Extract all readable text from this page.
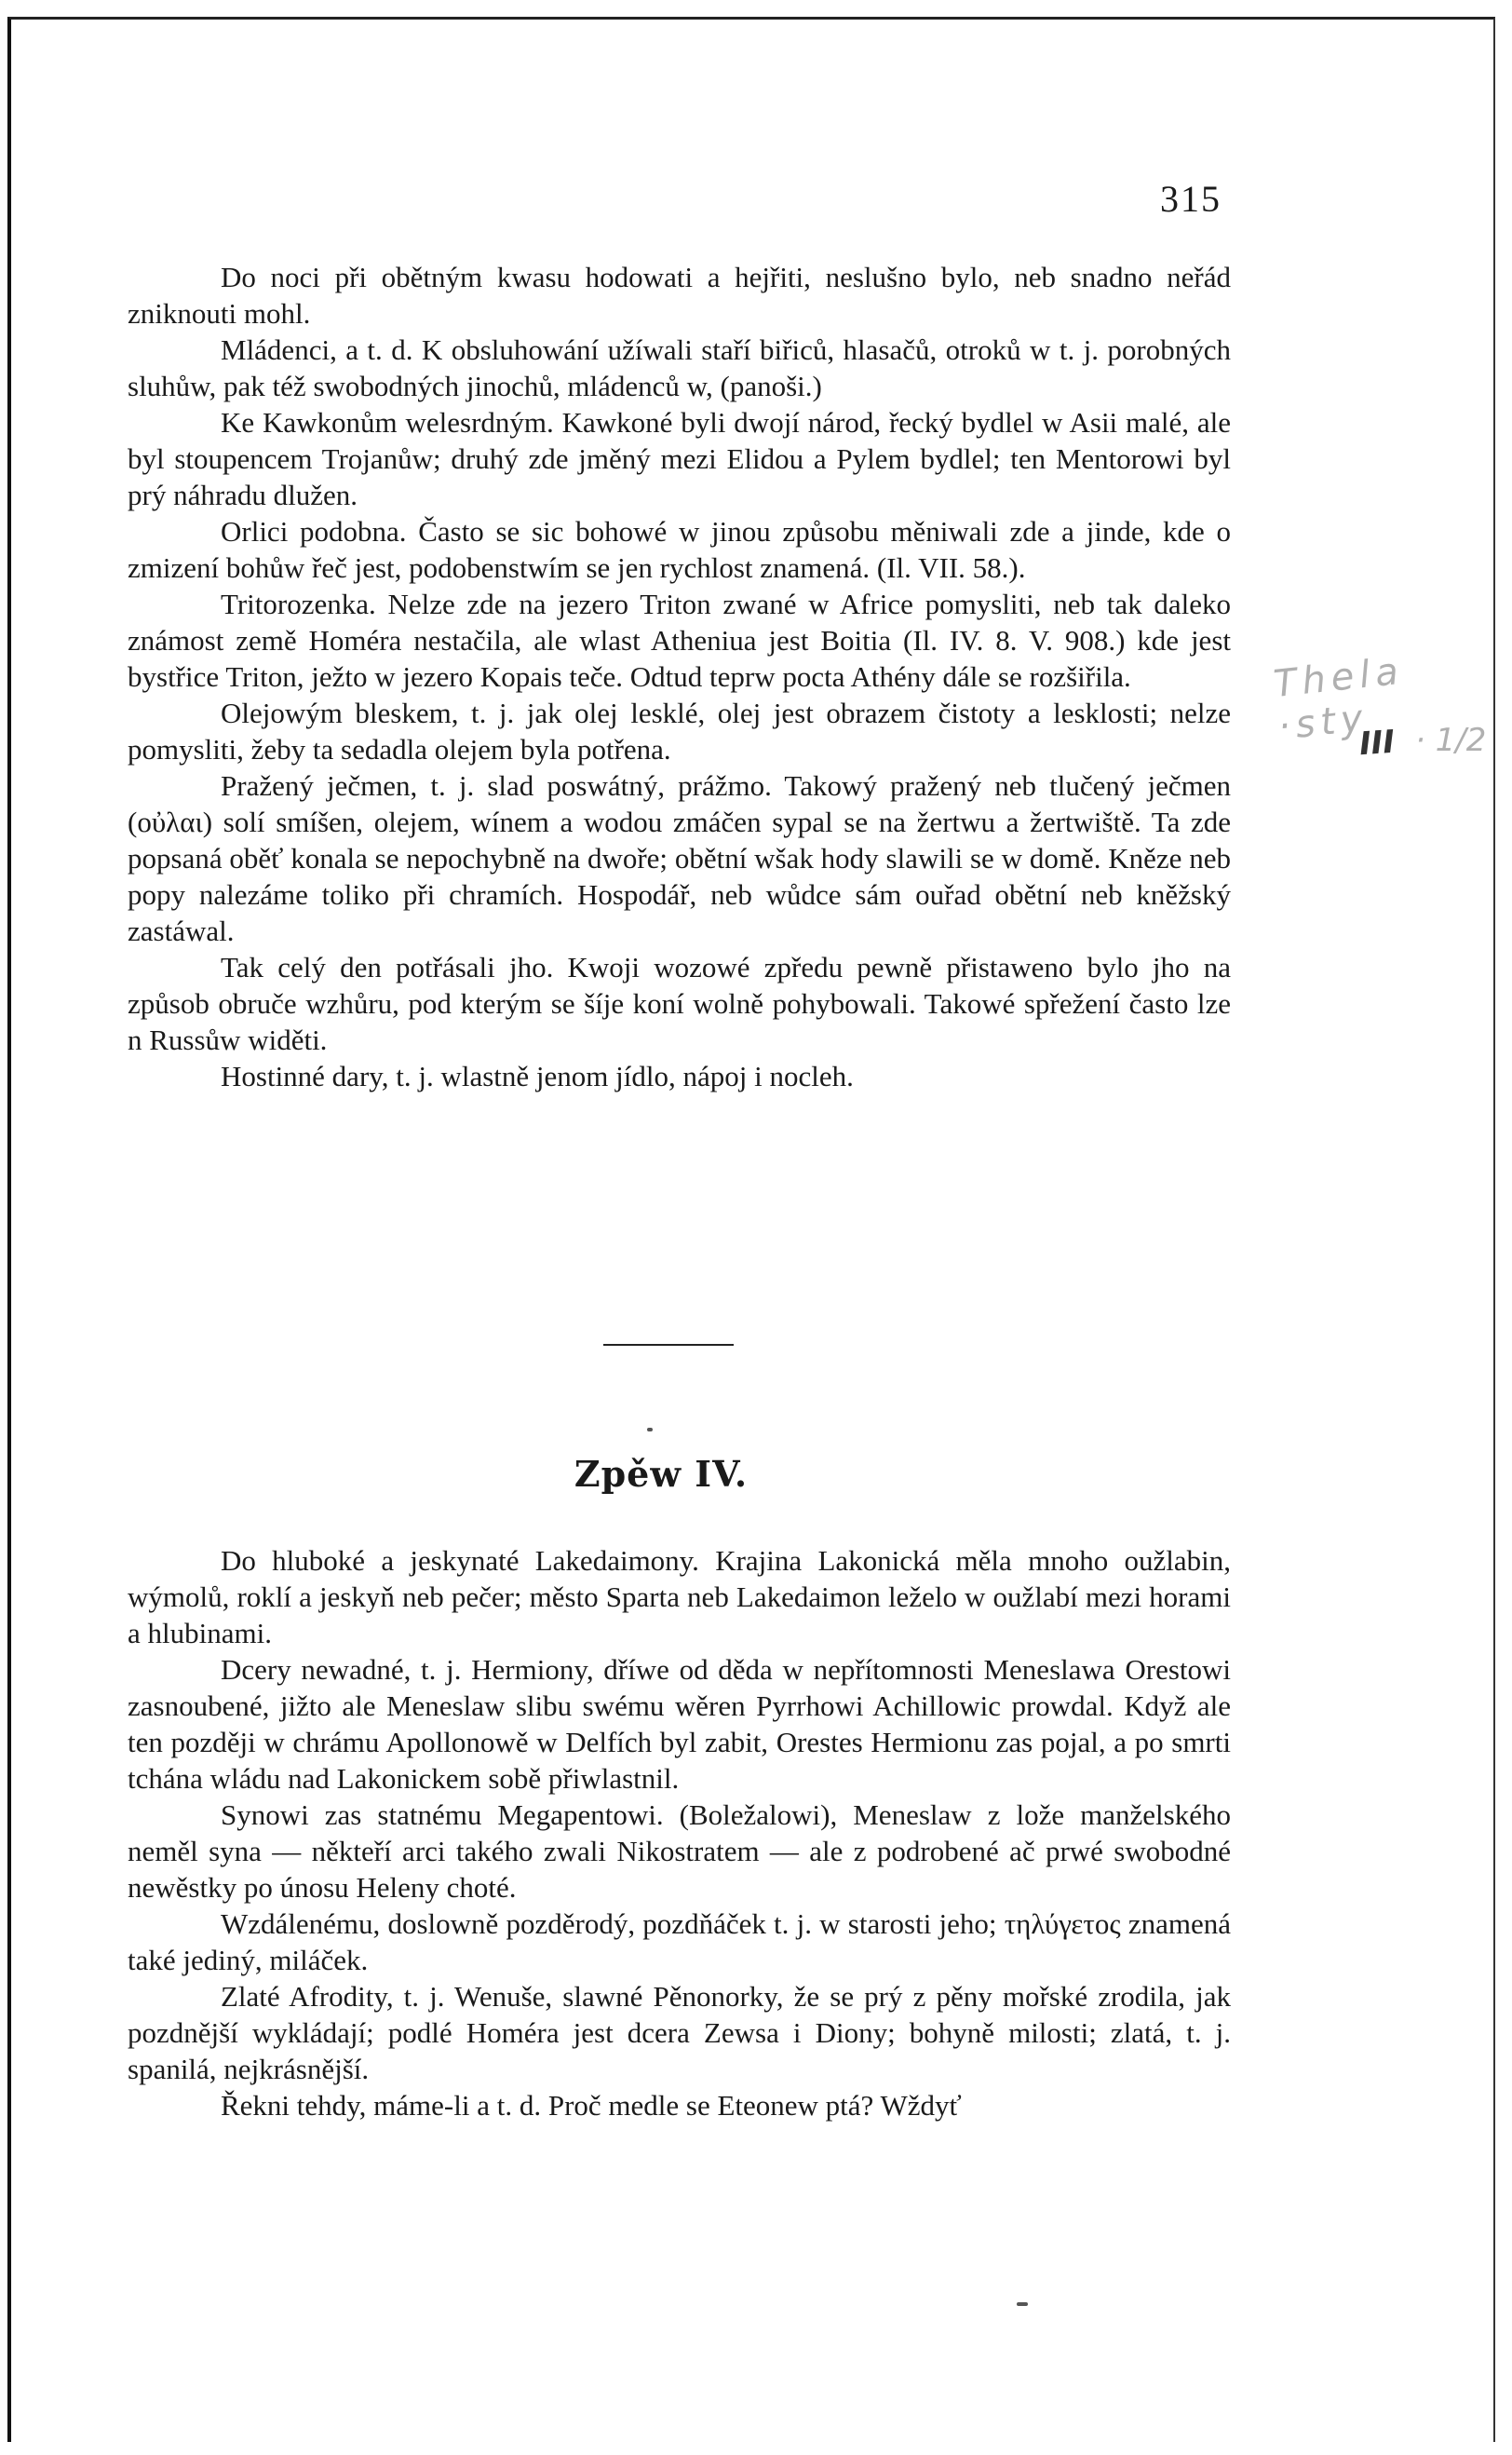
315

Do noci při obětným kwasu hodowati a hejřiti, neslušno bylo, neb snadno neřád zniknouti mohl.

Mládenci, a t. d. K obsluhowání užíwali staří biřiců, hlasačů, otroků w t. j. porobných sluhůw, pak též swobodných jinochů, mládenců w, (panoši.)

Ke Kawkonům welesrdným. Kawkoné byli dwojí národ, řecký bydlel w Asii malé, ale byl stoupencem Trojanůw; druhý zde jměný mezi Elidou a Pylem bydlel; ten Mentorowi byl prý náhradu dlužen.

Orlici podobna. Často se sic bohowé w jinou způsobu měniwali zde a jinde, kde o zmizení bohůw řeč jest, podobenstwím se jen rychlost znamená. (Il. VII. 58.).

Tritorozenka. Nelze zde na jezero Triton zwané w Africe pomysliti, neb tak daleko známost země Homéra nestačila, ale wlast Atheniua jest Boitia (Il. IV. 8. V. 908.) kde jest bystřice Triton, ježto w jezero Kopais teče. Odtud teprw pocta Athény dále se rozšiřila.

Olejowým bleskem, t. j. jak olej lesklé, olej jest obrazem čistoty a lesklosti; nelze pomysliti, žeby ta sedadla olejem byla potřena.

Pražený ječmen, t. j. slad poswátný, prážmo. Takowý pražený neb tlučený ječmen (οὐλαι) solí smíšen, olejem, wínem a wodou zmáčen sypal se na žertwu a žertwiště. Ta zde popsaná oběť konala se nepochybně na dwoře; obětní wšak hody slawili se w domě. Kněze neb popy nalezáme toliko při chramích. Hospodář, neb wůdce sám ouřad obětní neb kněžský zastáwal.

Tak celý den potřásali jho. Kwoji wozowé zpředu pewně přistaweno bylo jho na způsob obruče wzhůru, pod kterým se šíje koní wolně pohybowali. Takowé spřežení často lze n Russůw widěti.

Hostinné dary, t. j. wlastně jenom jídlo, nápoj i nocleh.

Thela ·sty
III · 1/2
Zpěw IV.

Do hluboké a jeskynaté Lakedaimony. Krajina Lakonická měla mnoho oužlabin, wýmolů, roklí a jeskyň neb pečer; město Sparta neb Lakedaimon leželo w oužlabí mezi horami a hlubinami.

Dcery newadné, t. j. Hermiony, dříwe od děda w nepřítomnosti Meneslawa Orestowi zasnoubené, jižto ale Meneslaw slibu swému wěren Pyrrhowi Achillowic prowdal. Když ale ten později w chrámu Apollonowě w Delfích byl zabit, Orestes Hermionu zas pojal, a po smrti tchána wládu nad Lakonickem sobě přiwlastnil.

Synowi zas statnému Megapentowi. (Boležalowi), Meneslaw z lože manželského neměl syna — někteří arci takého zwali Nikostratem — ale z podrobené ač prwé swobodné newěstky po únosu Heleny choté.

Wzdálenému, doslowně pozděrodý, pozdňáček t. j. w starosti jeho; τηλύγετος znamená také jediný, miláček.

Zlaté Afrodity, t. j. Wenuše, slawné Pěnonorky, že se prý z pěny mořské zrodila, jak pozdnější wykládají; podlé Homéra jest dcera Zewsa i Diony; bohyně milosti; zlatá, t. j. spanilá, nejkrásnější.

Řekni tehdy, máme-li a t. d. Proč medle se Eteonew ptá? Wždyť
